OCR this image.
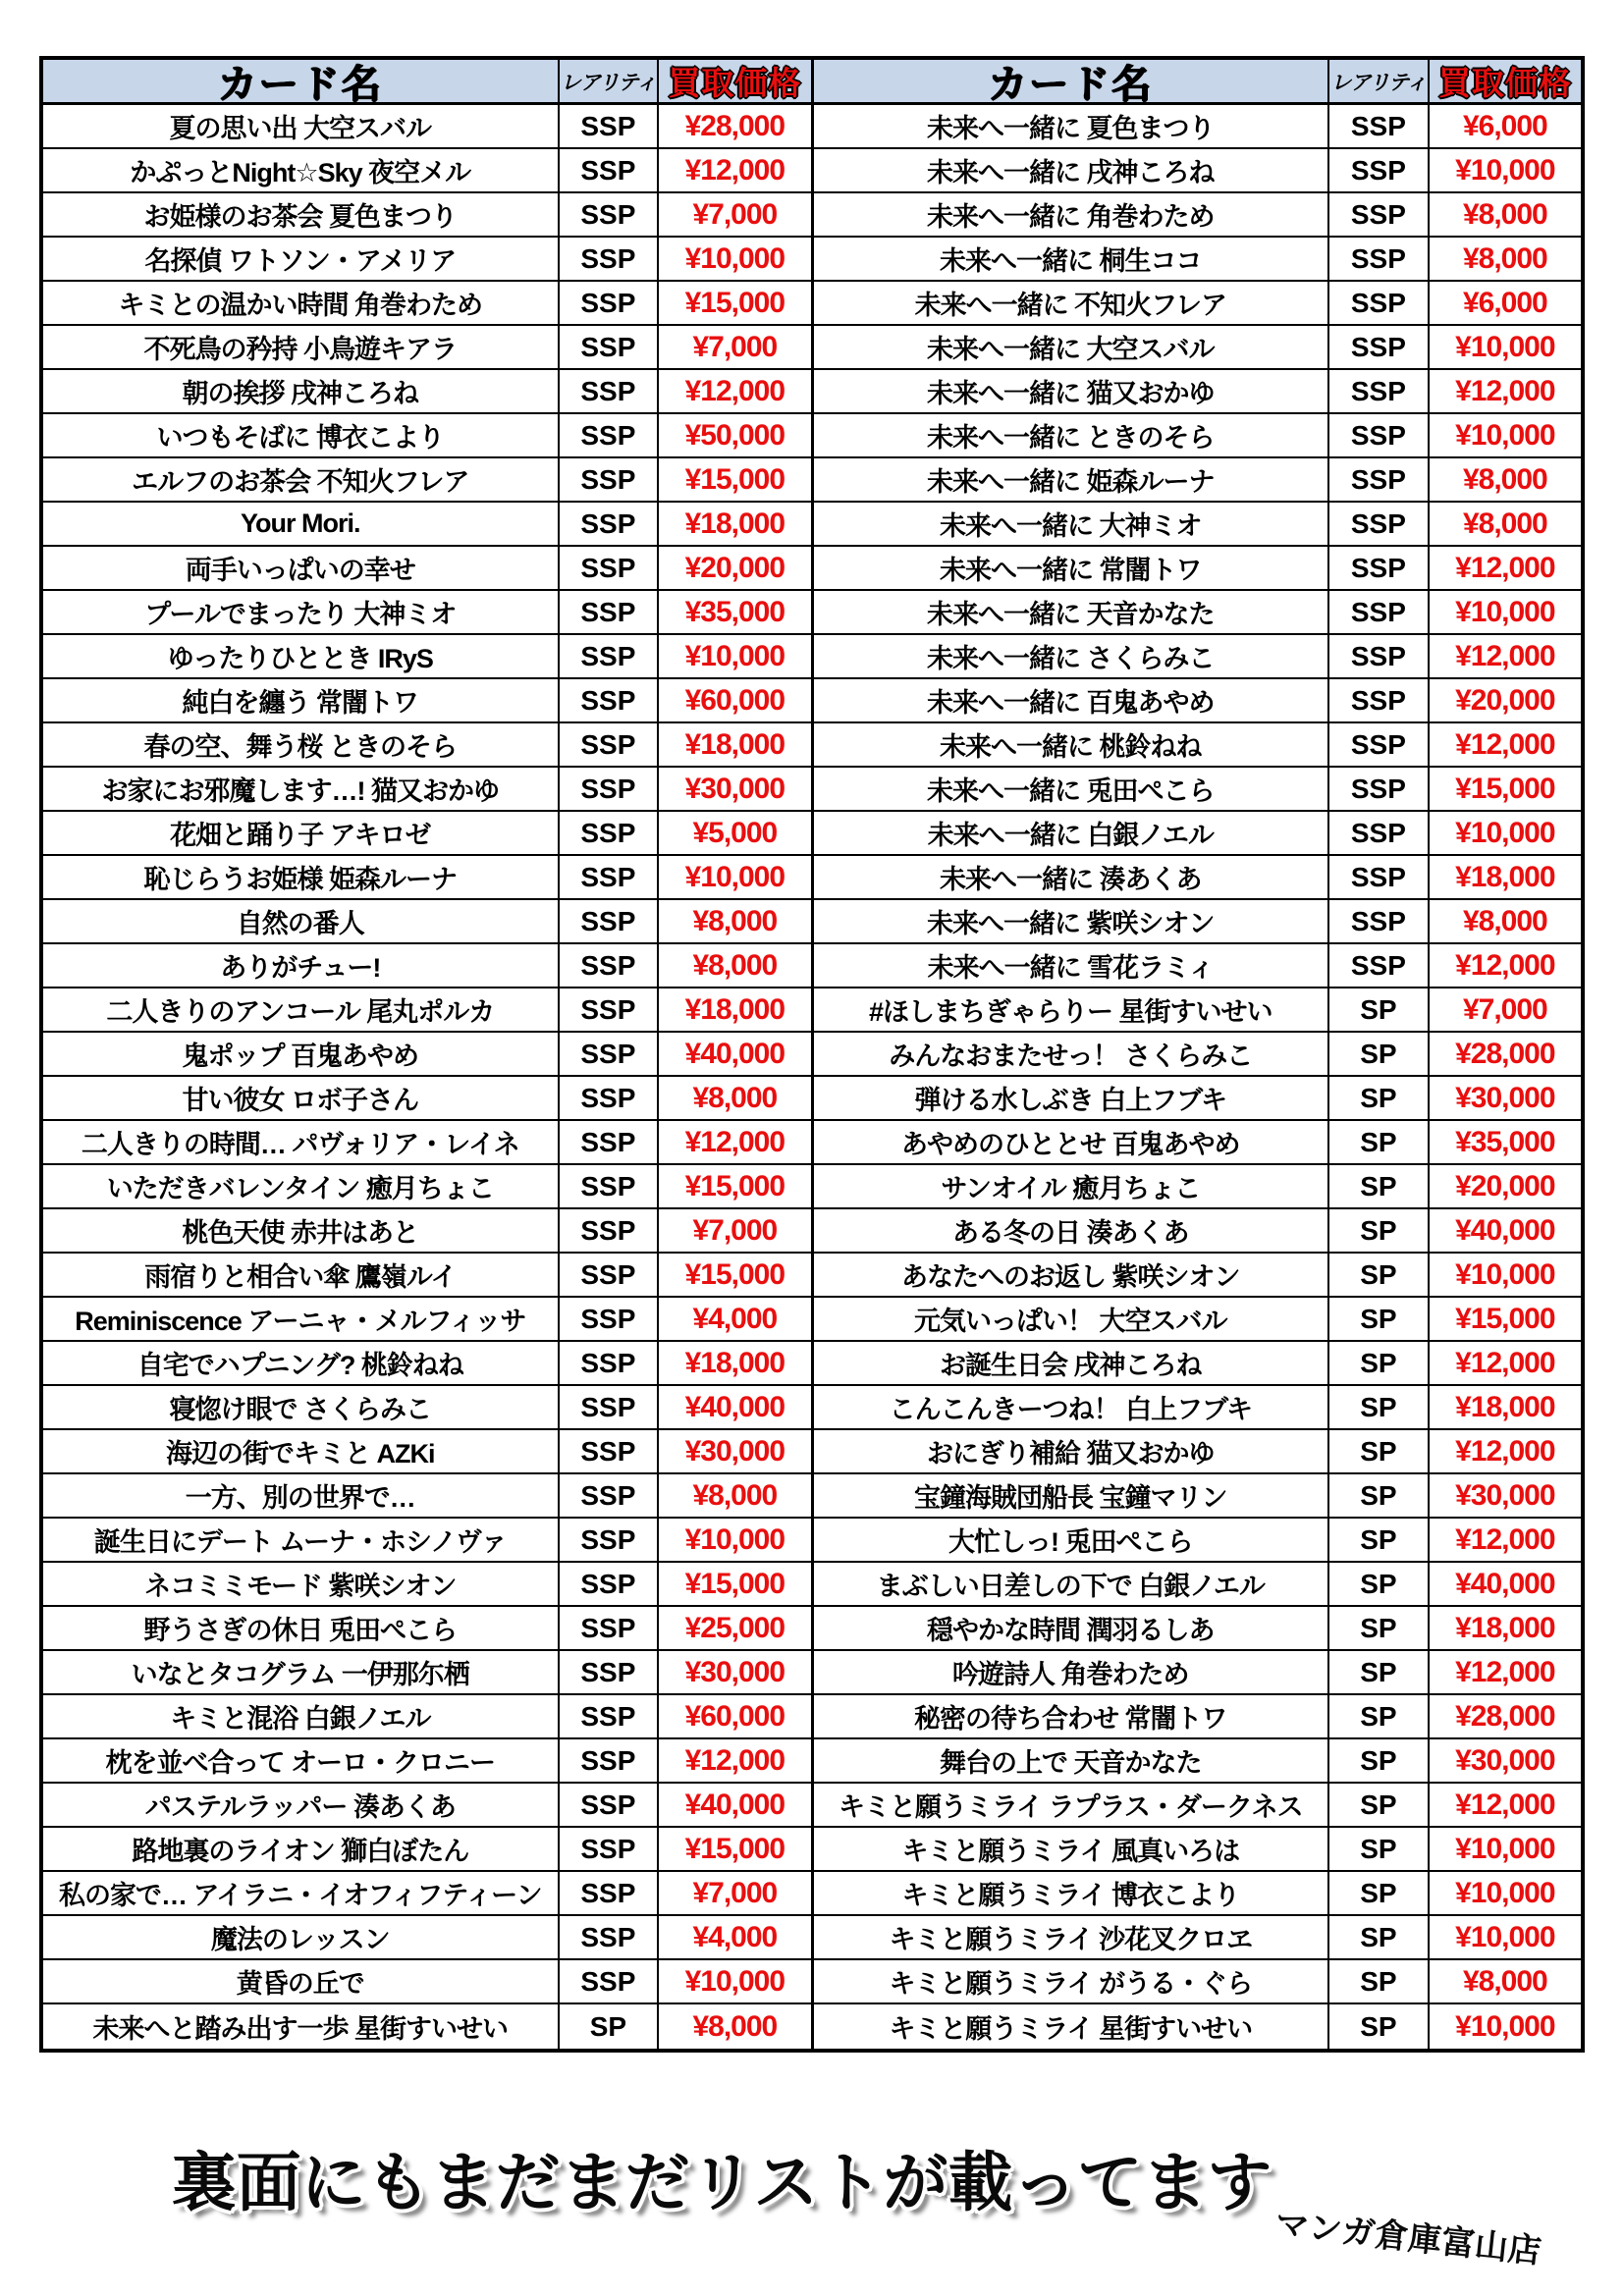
カード名	レアリティ 買取価格
夏の思い出 大空スバル	SSP ¥28,000
かぷっとNight☆Sky 夜空メル	SSP ¥12,000
お姫様のお茶会 夏色まつり	SSP ¥7,000
名探偵 ワトソン・アメリア	SSP ¥10,000
キミとの温かい時間 角巻わため	SSP ¥15,000
不死鳥の矜持 小鳥遊キアラ	SSP ¥7,000
朝の挨拶 戌神ころね	SSP ¥12,000
いつもそばに 博衣こより	SSP ¥50,000
エルフのお茶会 不知火フレア	SSP ¥15,000
Your Mori.	SSP ¥18,000
両手いっぱいの幸せ	SSP ¥20,000
プールでまったり 大神ミオ	SSP ¥35,000
ゆったりひととき IRyS	SSP ¥10,000
純白を纏う 常闇トワ	SSP ¥60,000
春の空、舞う桜 ときのそら	SSP ¥18,000
お家にお邪魔します…! 猫又おかゆ	SSP ¥30,000
花畑と踊り子 アキロゼ	SSP ¥5,000
恥じらうお姫様 姫森ルーナ	SSP ¥10,000
自然の番人	SSP ¥8,000
ありがチュー!	SSP ¥8,000
二人きりのアンコール 尾丸ポルカ	SSP ¥18,000
鬼ポップ 百鬼あやめ	SSP ¥40,000
甘い彼女 ロボ子さん	SSP ¥8,000
二人きりの時間… パヴォリア・レイネ SSP ¥12,000
いただきバレンタイン 癒月ちょこ	SSP ¥15,000
桃色天使 赤井はあと	SSP ¥7,000
雨宿りと相合い傘 鷹嶺ルイ	SSP ¥15,000
Reminiscence アーニャ・メルフィッサ SSP ¥4,000
自宅でハプニング? 桃鈴ねね	SSP ¥18,000
寝惚け眼で さくらみこ	SSP ¥40,000
海辺の街でキミと AZKi	SSP ¥30,000
一方、別の世界で…	SSP ¥8,000
誕生日にデート ムーナ・ホシノヴァ	SSP ¥10,000
ネコミミモード 紫咲シオン	SSP ¥15,000
野うさぎの休日 兎田ぺこら	SSP ¥25,000
いなとタコグラム 一伊那尓栖	SSP ¥30,000
キミと混浴 白銀ノエル	SSP ¥60,000
枕を並べ合って オーロ・クロニー	SSP ¥12,000
パステルラッパー 湊あくあ	SSP ¥40,000
路地裏のライオン 獅白ぼたん	SSP ¥15,000
私の家で… アイラニ・イオフィフティーン SSP ¥7,000
魔法のレッスン	SSP ¥4,000
黄昏の丘で	SSP ¥10,000
未来へと踏み出す一歩 星街すいせい	SP ¥8,000
カード名	レアリティ 買取価格
未来へ一緒に 夏色まつり	SSP ¥6,000
未来へ一緒に 戌神ころね	SSP ¥10,000
未来へ一緒に 角巻わため	SSP ¥8,000
未来へ一緒に 桐生ココ	SSP ¥8,000
未来へ一緒に 不知火フレア	SSP ¥6,000
未来へ一緒に 大空スバル	SSP ¥10,000
未来へ一緒に 猫又おかゆ	SSP ¥12,000
未来へ一緒に ときのそら	SSP ¥10,000
未来へ一緒に 姫森ルーナ	SSP ¥8,000
未来へ一緒に 大神ミオ	SSP ¥8,000
未来へ一緒に 常闇トワ	SSP ¥12,000
未来へ一緒に 天音かなた	SSP ¥10,000
未来へ一緒に さくらみこ	SSP ¥12,000
未来へ一緒に 百鬼あやめ	SSP ¥20,000
未来へ一緒に 桃鈴ねね	SSP ¥12,000
未来へ一緒に 兎田ぺこら	SSP ¥15,000
未来へ一緒に 白銀ノエル	SSP ¥10,000
未来へ一緒に 湊あくあ	SSP ¥18,000
未来へ一緒に 紫咲シオン	SSP ¥8,000
未来へ一緒に 雪花ラミィ	SSP ¥12,000
#ほしまちぎゃらりー 星街すいせい	SP ¥7,000
みんなおまたせっ！ さくらみこ	SP ¥28,000
弾ける水しぶき 白上フブキ	SP ¥30,000
あやめのひととせ 百鬼あやめ	SP ¥35,000
サンオイル 癒月ちょこ	SP ¥20,000
ある冬の日 湊あくあ	SP ¥40,000
あなたへのお返し 紫咲シオン	SP ¥10,000
元気いっぱい！ 大空スバル	SP ¥15,000
お誕生日会 戌神ころね	SP ¥12,000
こんこんきーつね！ 白上フブキ	SP ¥18,000
おにぎり補給 猫又おかゆ	SP ¥12,000
宝鐘海賊団船長 宝鐘マリン	SP ¥30,000
大忙しっ! 兎田ぺこら	SP ¥12,000
まぶしい日差しの下で 白銀ノエル	SP ¥40,000
穏やかな時間 潤羽るしあ	SP ¥18,000
吟遊詩人 角巻わため	SP ¥12,000
秘密の待ち合わせ 常闇トワ	SP ¥28,000
舞台の上で 天音かなた	SP ¥30,000
キミと願うミライ ラプラス・ダークネス SP ¥12,000
キミと願うミライ 風真いろは	SP ¥10,000
キミと願うミライ 博衣こより	SP ¥10,000
キミと願うミライ 沙花叉クロヱ	SP ¥10,000
キミと願うミライ がうる・ぐら	SP ¥8,000
キミと願うミライ 星街すいせい	SP ¥10,000
裏面にもまだまだリストが載ってます
マンガ倉庫富山店
